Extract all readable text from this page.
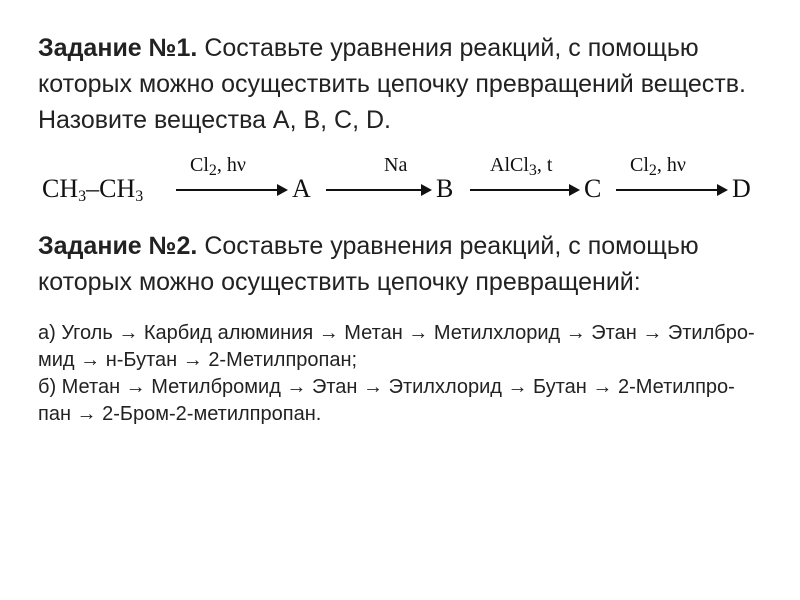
Задание №1. Составьте уравнения реакций, с помощью которых можно осуществить цепочку превращений веществ. Назовите вещества A, B, C, D.
$CH_3-CH_3$
$Cl_2$, hν
A
Na
B
AlCl$_3$, t
C
$Cl_2$, hν
D
Задание №2. Составьте уравнения реакций, с помощью которых можно осуществить цепочку превращений:
а) Уголь → Карбид алюминия → Метан → Метилхлорид → Этан → Этилбро-
мид → н-Бутан → 2-Метилпропан;
б) Метан → Метилбромид → Этан → Этилхлорид → Бутан → 2-Метилпро-
пан → 2-Бром-2-метилпропан.
